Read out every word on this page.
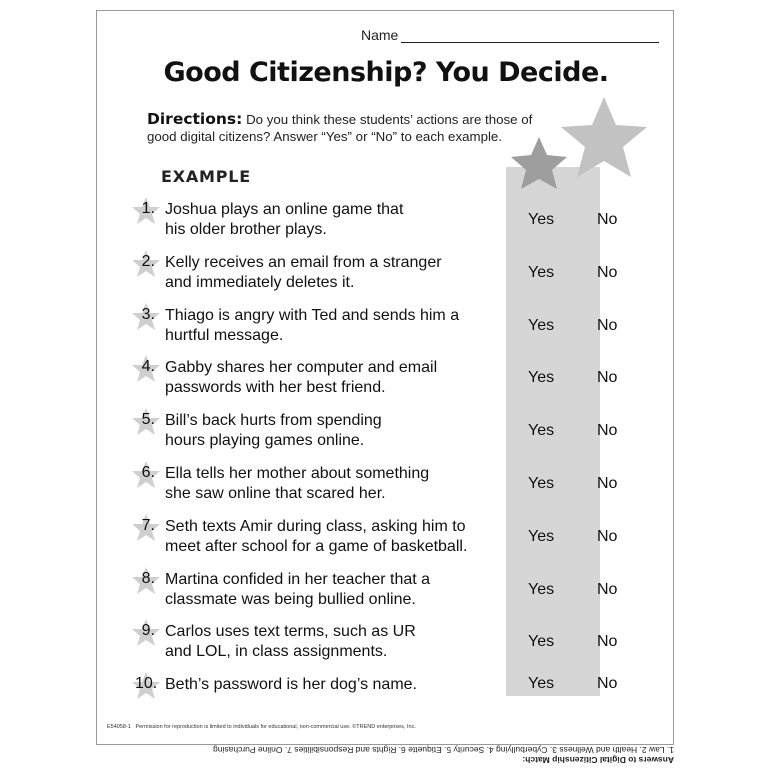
Name
Good Citizenship? You Decide.
Directions: Do you think these students’ actions are those of good digital citizens? Answer “Yes” or “No” to each example.
EXAMPLE
1. Joshua plays an online game that
his older brother plays.
Yes	No
2. Kelly receives an email from a stranger
and immediately deletes it.
Yes	No
3. Thiago is angry with Ted and sends him a
hurtful message.
Yes	No
4. Gabby shares her computer and email
passwords with her best friend.
Yes	No
5. Bill’s back hurts from spending
hours playing games online.
Yes	No
6. Ella tells her mother about something
she saw online that scared her.
Yes	No
7. Seth texts Amir during class, asking him to
meet after school for a game of basketball.
Yes	No
8. Martina confided in her teacher that a
classmate was being bullied online.
Yes	No
9. Carlos uses text terms, such as UR
and LOL, in class assignments.
Yes	No
10. Beth’s password is her dog’s name.	Yes	No
E54058-1 Permission for reproduction is limited to individuals for educational, non-commercial use. ©TREND enterprises, Inc.
Answers to Digital Citizenship Match:
1. Law 2. Health and Wellness 3. Cyberbullying 4. Security 5. Etiquette 6. Rights and Responsibilities 7. Online Purchasing
